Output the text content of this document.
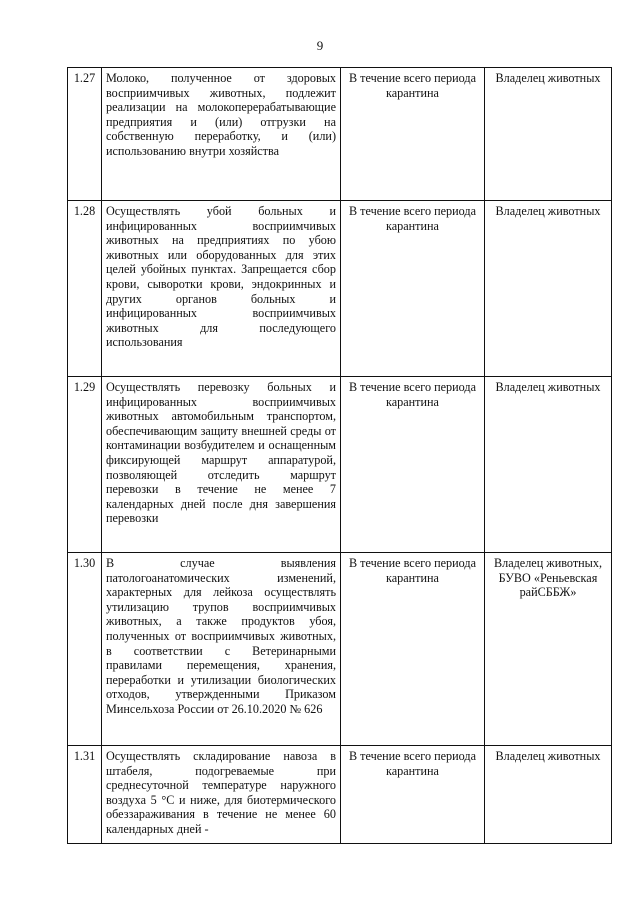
9
1.27	Молоко, полученное от здоровых восприимчивых животных, подлежит реализации на молокоперерабатывающие предприятия и (или) отгрузки на собственную переработку, и (или) использованию внутри хозяйства	В течение всего периода карантина	Владелец животных
1.28	Осуществлять убой больных и инфицированных восприимчивых животных на предприятиях по убою животных или оборудованных для этих целей убойных пунктах. Запрещается сбор крови, сыворотки крови, эндокринных и других органов больных и инфицированных восприимчивых животных для последующего использования	В течение всего периода карантина	Владелец животных
1.29	Осуществлять перевозку больных и инфицированных восприимчивых животных автомобильным транспортом, обеспечивающим защиту внешней среды от контаминации возбудителем и оснащенным фиксирующей маршрут аппаратурой, позволяющей отследить маршрут перевозки в течение не менее 7 календарных дней после дня завершения перевозки	В течение всего периода карантина	Владелец животных
1.30	В случае выявления патологоанатомических изменений, характерных для лейкоза осуществлять утилизацию трупов восприимчивых животных, а также продуктов убоя, полученных от восприимчивых животных, в соответствии с Ветеринарными правилами перемещения, хранения, переработки и утилизации биологических отходов, утвержденными Приказом Минсельхоза России от 26.10.2020 № 626	В течение всего периода карантина	Владелец животных, БУВО «Реньевская райСББЖ»
1.31	Осуществлять складирование навоза в штабеля, подогреваемые при среднесуточной температуре наружного воздуха 5 °С и ниже, для биотермического обеззараживания в течение не менее 60 календарных дней -	В течение всего периода карантина	Владелец животных
